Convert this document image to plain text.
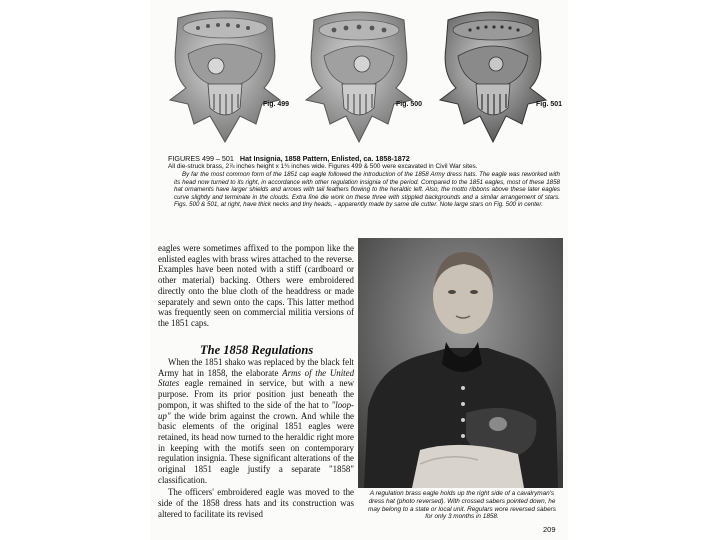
Fig. 499	Fig. 500	Fig. 501
FIGURES 499 – 501 Hat Insignia, 1858 Pattern, Enlisted, ca. 1858-1872
All die-struck brass, 2⅞ inches height x 1¾ inches wide. Figures 499 & 500 were excavated in Civil War sites.
By far the most common form of the 1851 cap eagle followed the introduction of the 1858 Army dress hats. The eagle was reworked with its head now turned to its right, in accordance with other regulation insignia of the period. Compared to the 1851 eagles, most of these 1858 hat ornaments have larger shields and arrows with tail feathers flowing to the heraldic left. Also, the motto ribbons above these later eagles curve slightly and terminate in the clouds. Extra fine die work on these three with stippled backgrounds and a similar arrangement of stars. Figs. 500 & 501, at right, have thick necks and tiny heads, - apparently made by same die cutter. Note large stars on Fig. 500 in center.

eagles were sometimes affixed to the pompon like the enlisted eagles with brass wires attached to the reverse. Examples have been noted with a stiff (cardboard or other material) backing. Others were embroidered directly onto the blue cloth of the headdress or made separately and sewn onto the caps. This latter method was frequently seen on commercial militia versions of the 1851 caps.

The 1858 Regulations

When the 1851 shako was replaced by the black felt Army hat in 1858, the elaborate Arms of the United States eagle remained in service, but with a new purpose. From its prior position just beneath the pompon, it was shifted to the side of the hat to "loop-up" the wide brim against the crown. And while the basic elements of the original 1851 eagles were retained, its head now turned to the heraldic right more in keeping with the motifs seen on contemporary regulation insignia. These significant alterations of the original 1851 eagle justify a separate "1858" classification.

The officers' embroidered eagle was moved to the side of the 1858 dress hats and its construction was altered to facilitate its revised

A regulation brass eagle holds up the right side of a cavalryman's dress hat (photo reversed). With crossed sabers pointed down, he may belong to a state or local unit. Regulars wore reversed sabers for only 3 months in 1858.
209
